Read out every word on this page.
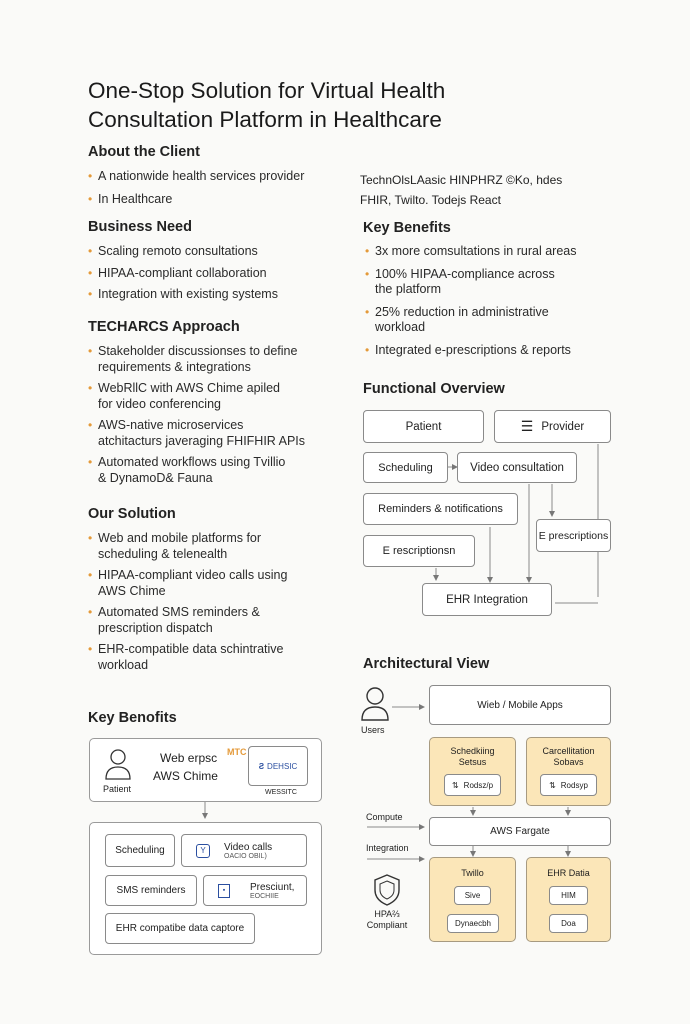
One-Stop Solution for Virtual Health
Consultation Platform in Healthcare
About the Client
• A nationwide health services provider
• In Healthcare
TechnOlsLAasic HINPHRZ ©Ko, hdes
FHIR, Twilto. Todejs React
Business Need
• Scaling remoto consultations
• HIPAA-compliant collaboration
• Integration with existing systems
Key Benefits
• 3x more comsultations in rural areas
• 100% HIPAA-compliance across
the platform
• 25% reduction in administrative
workload
• Integrated e-prescriptions & reports
TECHARCS Approach
• Stakeholder discussionses to define
requirements & integrations
• WebRllC with AWS Chime apiled
for video conferencing
• AWS-native microservices
atchitacturs javeraging FHIFHIR APIs
• Automated workflows using Tvillio
& DynamoD& Fauna
Functional Overview
Patient	☰ Provider
Scheduling	Video consultation
Reminders & notifications
E prescriptions
E rescriptionsn
EHR Integration
Our Solution
• Web and mobile platforms for
scheduling & telenealth
• HIPAA-compliant video calls using
AWS Chime
• Automated SMS reminders &
prescription dispatch
• EHR-compatible data schintrative
workload	Architectural View
Users
Wieb / Mobile Apps
Schedkiing
Setsus
⇅ Rodsz/p
Carcellitation
Sobavs
⇅ Rodsyp
Compute
AWS Fargate
Integration
Twillo
Sive
Dynaecbh
EHR Datia
HIM
Doa
HPA⅔
Compliant
Key Benofits
Patient
Web erpsc MTC
AWS Chime
Ƨ DEHSIC
WESSITC
Scheduling	Y	Video calls
OACIO OBIL)
SMS reminders	▪	Presciunt,
EOCHIIE
EHR compatibe data captore
